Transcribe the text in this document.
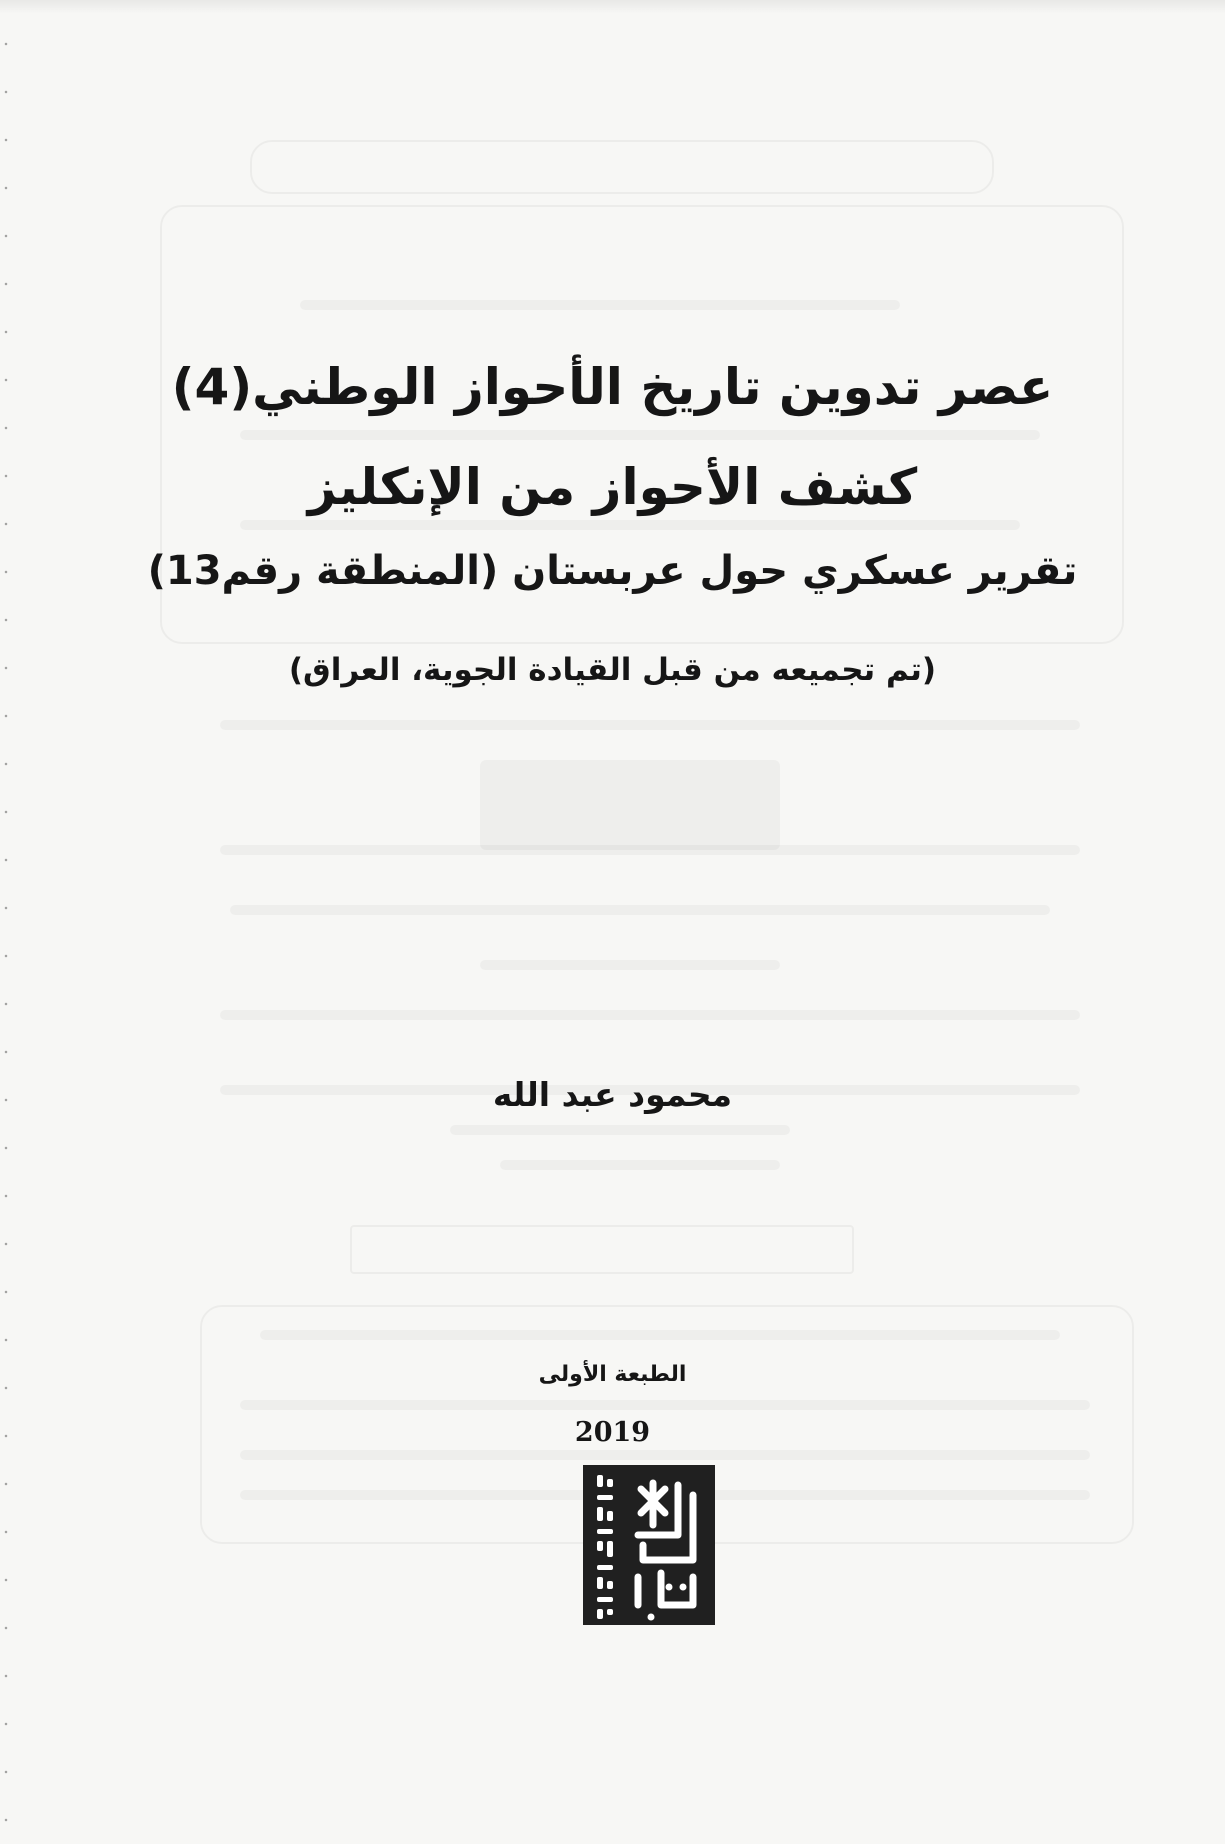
عصر تدوين تاريخ الأحواز الوطني(4)
كشف الأحواز من الإنكليز
تقرير عسكري حول عربستان (المنطقة رقم13)
(تم تجميعه من قبل القيادة الجوية، العراق)
محمود عبد الله
الطبعة الأولى
2019
